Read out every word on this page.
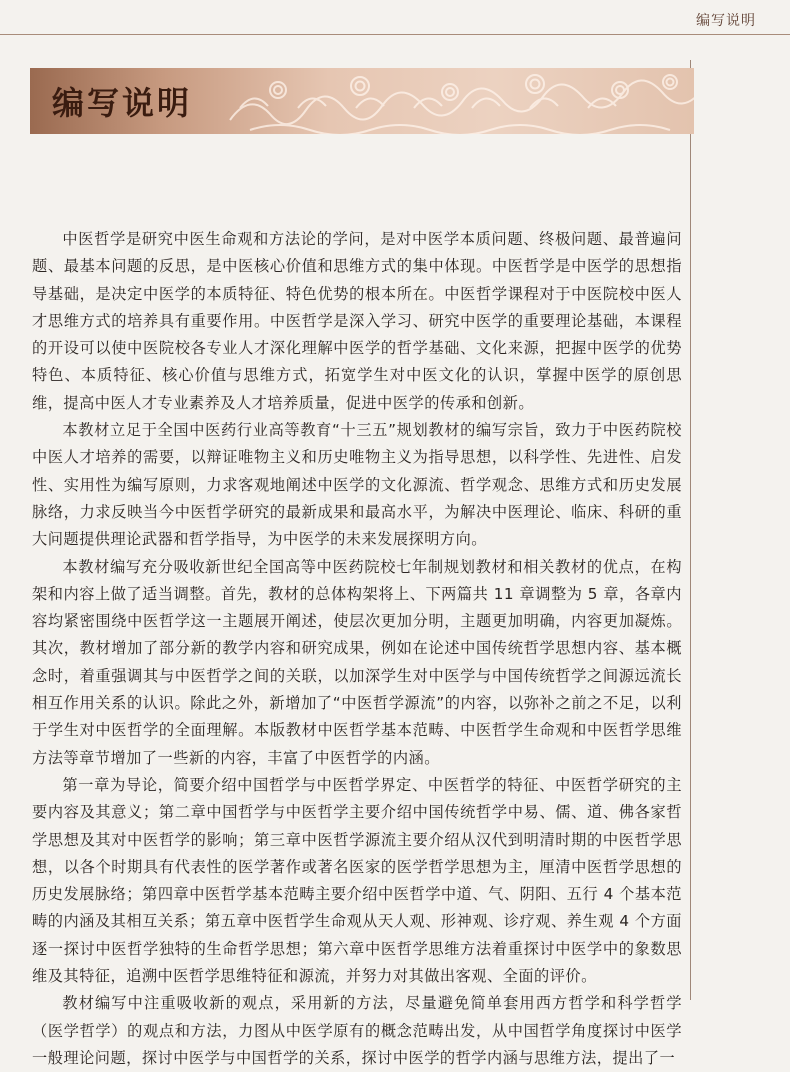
编写说明
编写说明

中医哲学是研究中医生命观和方法论的学问，是对中医学本质问题、终极问题、最普遍问题、最基本问题的反思，是中医核心价值和思维方式的集中体现。中医哲学是中医学的思想指导基础，是决定中医学的本质特征、特色优势的根本所在。中医哲学课程对于中医院校中医人才思维方式的培养具有重要作用。中医哲学是深入学习、研究中医学的重要理论基础，本课程的开设可以使中医院校各专业人才深化理解中医学的哲学基础、文化来源，把握中医学的优势特色、本质特征、核心价值与思维方式，拓宽学生对中医文化的认识，掌握中医学的原创思维，提高中医人才专业素养及人才培养质量，促进中医学的传承和创新。

本教材立足于全国中医药行业高等教育“十三五”规划教材的编写宗旨，致力于中医药院校中医人才培养的需要，以辩证唯物主义和历史唯物主义为指导思想，以科学性、先进性、启发性、实用性为编写原则，力求客观地阐述中医学的文化源流、哲学观念、思维方式和历史发展脉络，力求反映当今中医哲学研究的最新成果和最高水平，为解决中医理论、临床、科研的重大问题提供理论武器和哲学指导，为中医学的未来发展探明方向。

本教材编写充分吸收新世纪全国高等中医药院校七年制规划教材和相关教材的优点，在构架和内容上做了适当调整。首先，教材的总体构架将上、下两篇共 11 章调整为 5 章，各章内容均紧密围绕中医哲学这一主题展开阐述，使层次更加分明，主题更加明确，内容更加凝炼。其次，教材增加了部分新的教学内容和研究成果，例如在论述中国传统哲学思想内容、基本概念时，着重强调其与中医哲学之间的关联，以加深学生对中医学与中国传统哲学之间源远流长相互作用关系的认识。除此之外，新增加了“中医哲学源流”的内容，以弥补之前之不足，以利于学生对中医哲学的全面理解。本版教材中医哲学基本范畴、中医哲学生命观和中医哲学思维方法等章节增加了一些新的内容，丰富了中医哲学的内涵。

第一章为导论，简要介绍中国哲学与中医哲学界定、中医哲学的特征、中医哲学研究的主要内容及其意义；第二章中国哲学与中医哲学主要介绍中国传统哲学中易、儒、道、佛各家哲学思想及其对中医哲学的影响；第三章中医哲学源流主要介绍从汉代到明清时期的中医哲学思想，以各个时期具有代表性的医学著作或著名医家的医学哲学思想为主，厘清中医哲学思想的历史发展脉络；第四章中医哲学基本范畴主要介绍中医哲学中道、气、阴阳、五行 4 个基本范畴的内涵及其相互关系；第五章中医哲学生命观从天人观、形神观、诊疗观、养生观 4 个方面逐一探讨中医哲学独特的生命哲学思想；第六章中医哲学思维方法着重探讨中医学中的象数思维及其特征，追溯中医哲学思维特征和源流，并努力对其做出客观、全面的评价。

教材编写中注重吸收新的观点，采用新的方法，尽量避免简单套用西方哲学和科学哲学（医学哲学）的观点和方法，力图从中医学原有的概念范畴出发，从中国哲学角度探讨中医学一般理论问题，探讨中医学与中国哲学的关系，探讨中医学的哲学内涵与思维方法，提出了一
